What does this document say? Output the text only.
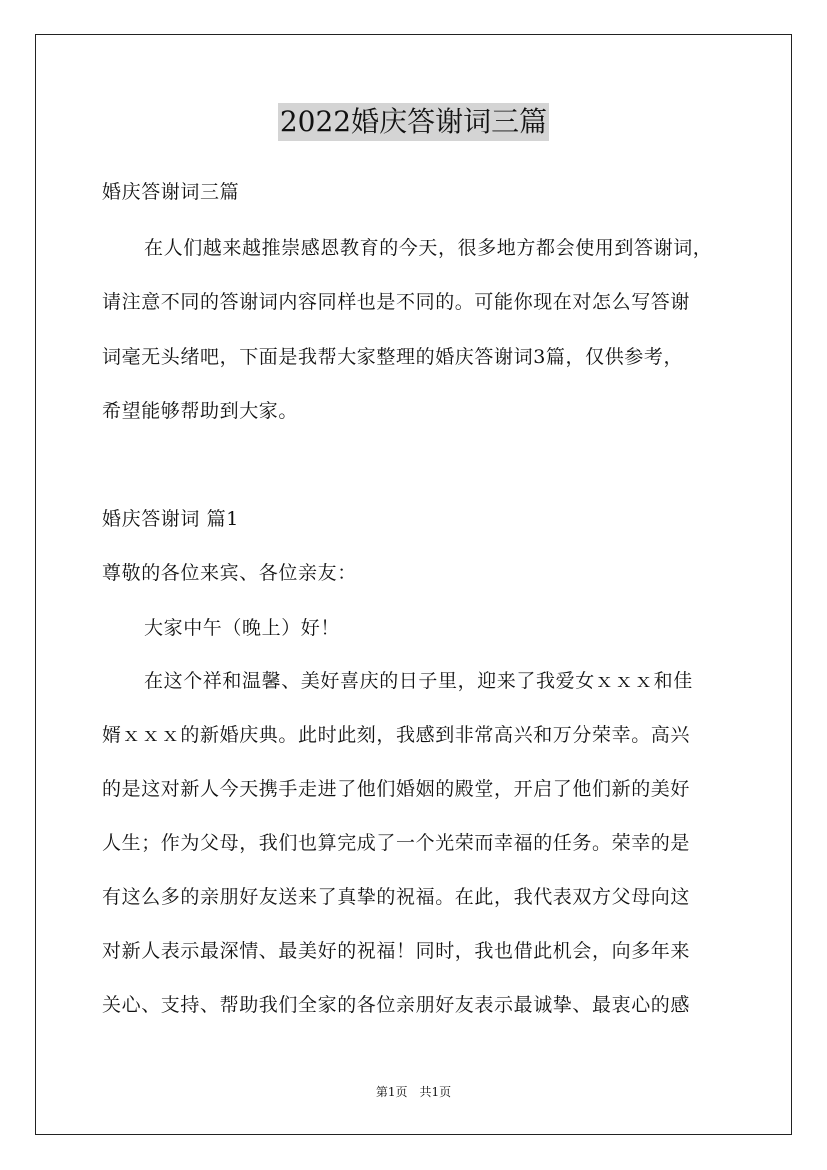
2022婚庆答谢词三篇
婚庆答谢词三篇
在人们越来越推崇感恩教育的今天，很多地方都会使用到答谢词，
请注意不同的答谢词内容同样也是不同的。可能你现在对怎么写答谢
词毫无头绪吧，下面是我帮大家整理的婚庆答谢词3篇，仅供参考，
希望能够帮助到大家。
婚庆答谢词 篇1
尊敬的各位来宾、各位亲友：
大家中午（晚上）好！
在这个祥和温馨、美好喜庆的日子里，迎来了我爱女ｘｘｘ和佳
婿ｘｘｘ的新婚庆典。此时此刻，我感到非常高兴和万分荣幸。高兴
的是这对新人今天携手走进了他们婚姻的殿堂，开启了他们新的美好
人生；作为父母，我们也算完成了一个光荣而幸福的任务。荣幸的是
有这么多的亲朋好友送来了真挚的祝福。在此，我代表双方父母向这
对新人表示最深情、最美好的祝福！同时，我也借此机会，向多年来
关心、支持、帮助我们全家的各位亲朋好友表示最诚挚、最衷心的感
第1页　共1页
